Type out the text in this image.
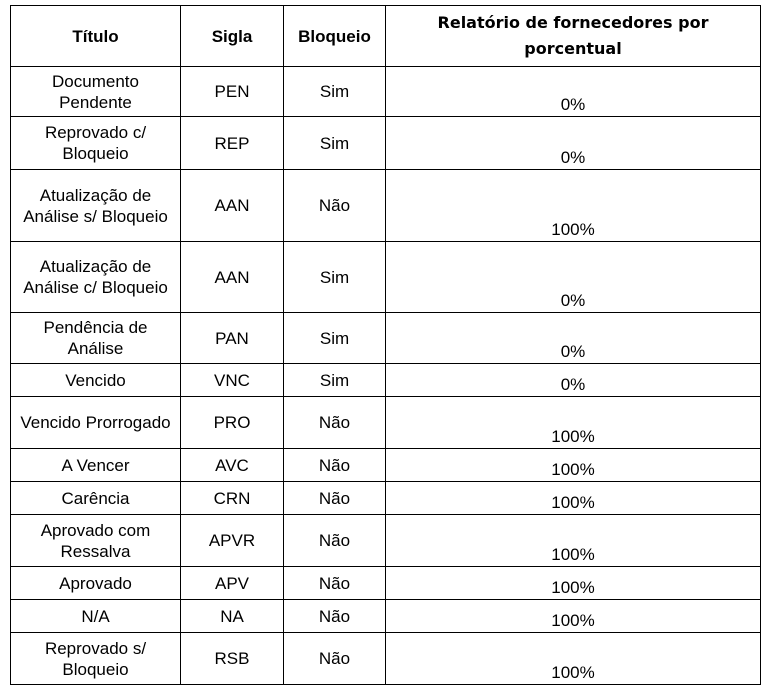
Título	Sigla	Bloqueio	Relatório de fornecedores por porcentual
Documento Pendente	PEN	Sim	0%
Reprovado c/ Bloqueio	REP	Sim	0%
Atualização de Análise s/ Bloqueio	AAN	Não	100%
Atualização de Análise c/ Bloqueio	AAN	Sim	0%
Pendência de Análise	PAN	Sim	0%
Vencido	VNC	Sim	0%
Vencido Prorrogado	PRO	Não	100%
A Vencer	AVC	Não	100%
Carência	CRN	Não	100%
Aprovado com Ressalva	APVR	Não	100%
Aprovado	APV	Não	100%
N/A	NA	Não	100%
Reprovado s/ Bloqueio	RSB	Não	100%
